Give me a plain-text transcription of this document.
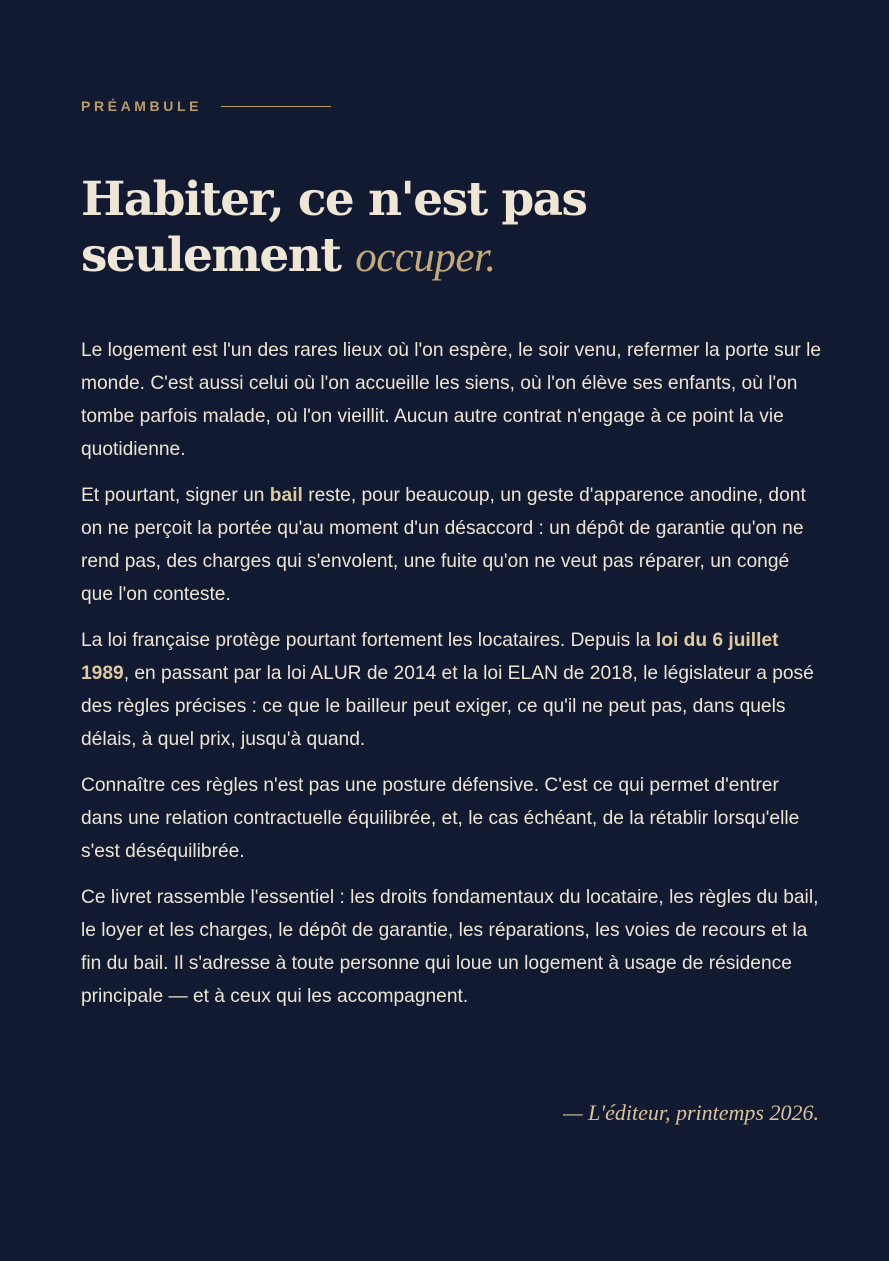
PRÉAMBULE
Habiter, ce n'est pas
seulement occuper.

Le logement est l'un des rares lieux où l'on espère, le soir venu, refermer la porte sur le monde. C'est aussi celui où l'on accueille les siens, où l'on élève ses enfants, où l'on tombe parfois malade, où l'on vieillit. Aucun autre contrat n'engage à ce point la vie quotidienne.

Et pourtant, signer un bail reste, pour beaucoup, un geste d'apparence anodine, dont on ne perçoit la portée qu'au moment d'un désaccord : un dépôt de garantie qu'on ne rend pas, des charges qui s'envolent, une fuite qu'on ne veut pas réparer, un congé que l'on conteste.

La loi française protège pourtant fortement les locataires. Depuis la loi du 6 juillet 1989, en passant par la loi ALUR de 2014 et la loi ELAN de 2018, le législateur a posé des règles précises : ce que le bailleur peut exiger, ce qu'il ne peut pas, dans quels délais, à quel prix, jusqu'à quand.

Connaître ces règles n'est pas une posture défensive. C'est ce qui permet d'entrer dans une relation contractuelle équilibrée, et, le cas échéant, de la rétablir lorsqu'elle s'est déséquilibrée.

Ce livret rassemble l'essentiel : les droits fondamentaux du locataire, les règles du bail, le loyer et les charges, le dépôt de garantie, les réparations, les voies de recours et la fin du bail. Il s'adresse à toute personne qui loue un logement à usage de résidence principale — et à ceux qui les accompagnent.

— L'éditeur, printemps 2026.
